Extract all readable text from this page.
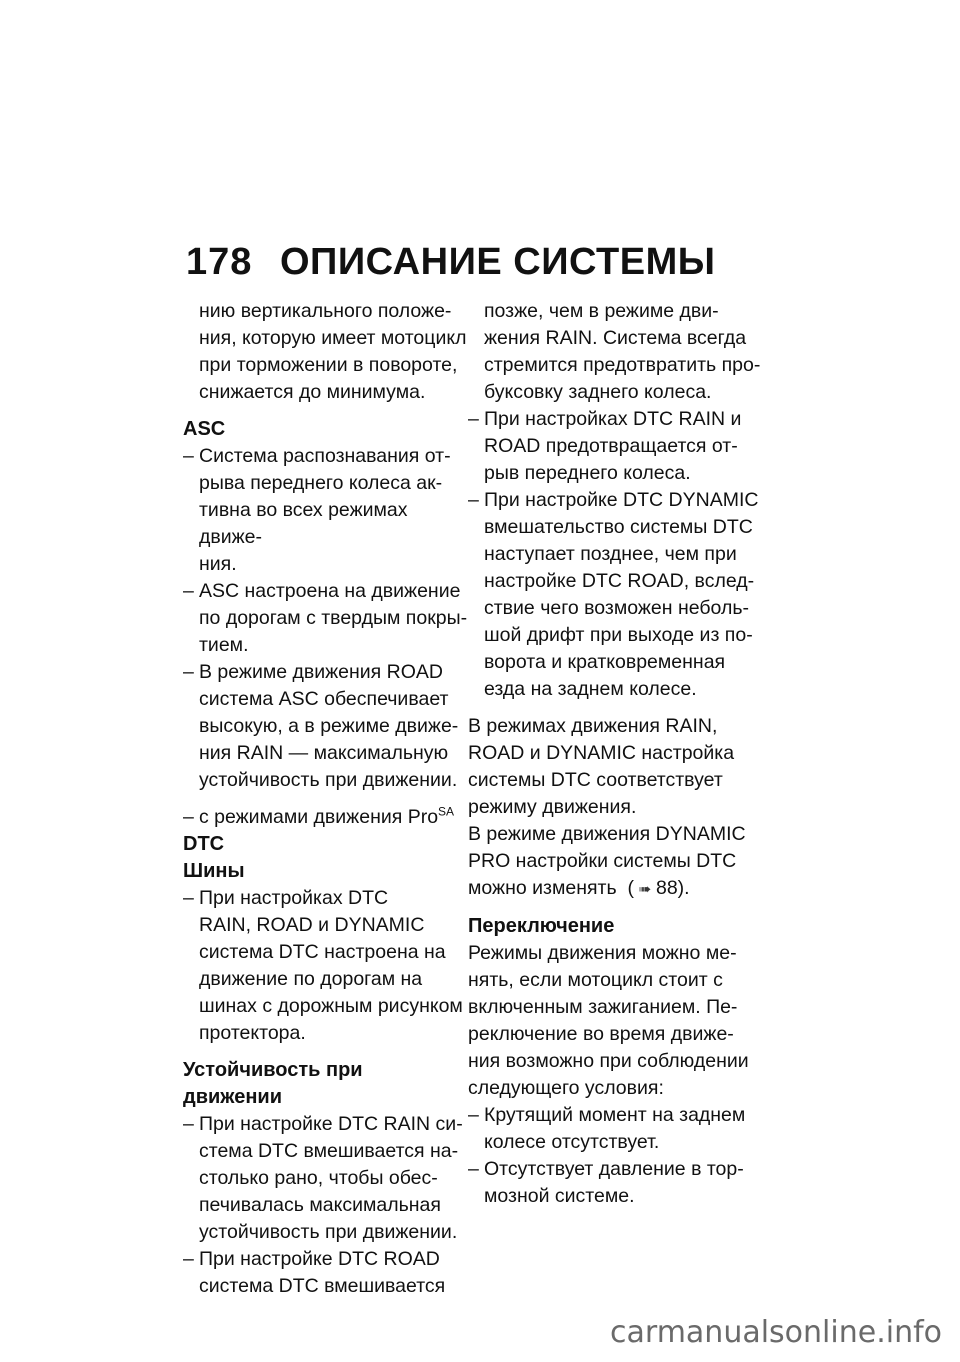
178 ОПИСАНИЕ СИСТЕМЫ

нию вертикального положе-

ния, которую имеет мотоцикл

при торможении в повороте,

снижается до минимума.

ASC

– Система распознавания от-
рыва переднего колеса ак-
тивна во всех режимах движе-
ния.
– ASC настроена на движение
по дорогам с твердым покры-
тием.
– В режиме движения ROAD
система ASC обеспечивает
высокую, а в режиме движе-
ния RAIN — максимальную
устойчивость при движении.
– с режимами движения Pro$^{SA}$

DTC

Шины

– При настройках DTC
RAIN, ROAD и DYNAMIC
система DTC настроена на
движение по дорогам на
шинах с дорожным рисунком
протектора.

Устойчивость при

движении

– При настройке DTC RAIN си-
стема DTC вмешивается на-
столько рано, чтобы обес-
печивалась максимальная
устойчивость при движении.
– При настройке DTC ROAD
система DTC вмешивается

позже, чем в режиме дви-

жения RAIN. Система всегда

стремится предотвратить про-

буксовку заднего колеса.

– При настройках DTC RAIN и
ROAD предотвращается от-
рыв переднего колеса.
– При настройке DTC DYNAMIC
вмешательство системы DTC
наступает позднее, чем при
настройке DTC ROAD, вслед-
ствие чего возможен неболь-
шой дрифт при выходе из по-
ворота и кратковременная
езда на заднем колесе.

В режимах движения RAIN,

ROAD и DYNAMIC настройка

системы DTC соответствует

режиму движения.

В режиме движения DYNAMIC

PRO настройки системы DTC

можно изменять  ( ➠ 88).

Переключение

Режимы движения можно ме-

нять, если мотоцикл стоит с

включенным зажиганием. Пе-

реключение во время движе-

ния возможно при соблюдении

следующего условия:

– Крутящий момент на заднем
колесе отсутствует.
– Отсутствует давление в тор-
мозной системе.
carmanualsonline.info
